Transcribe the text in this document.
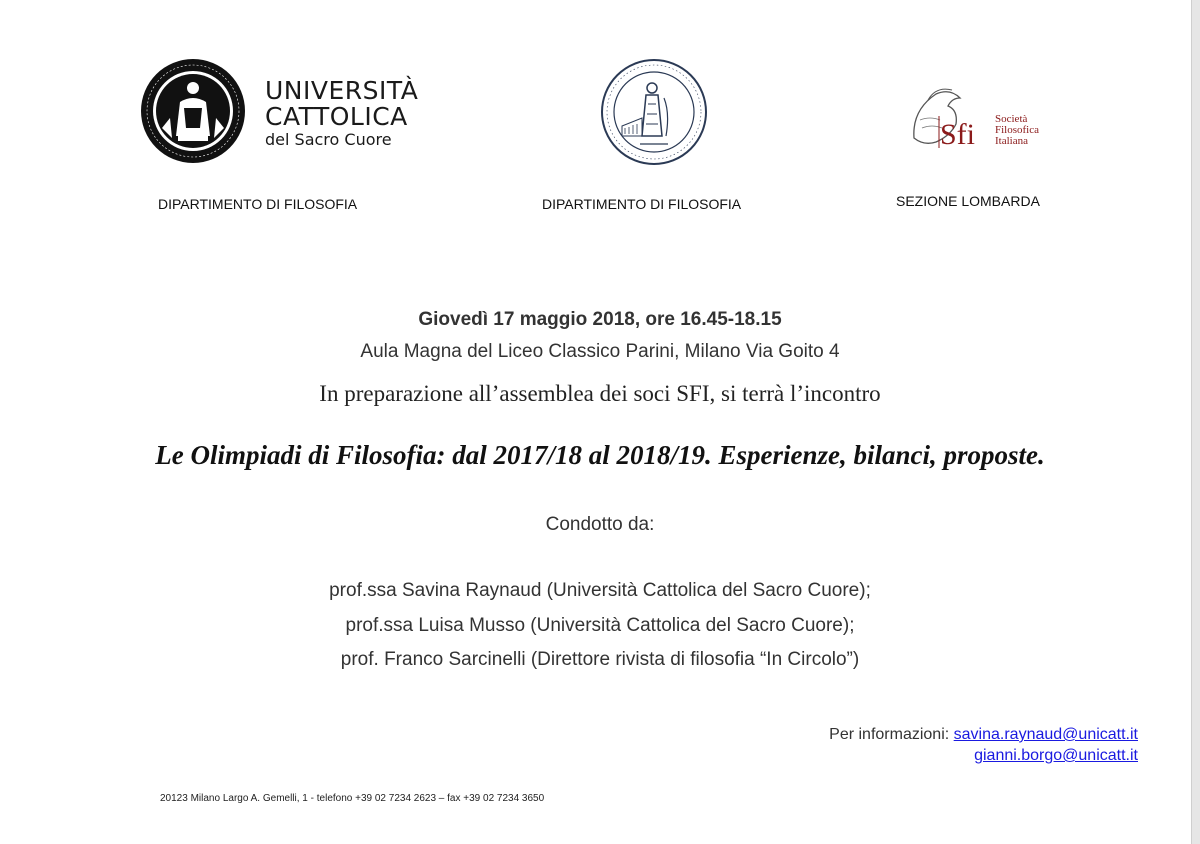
UNIVERSITÀ
CATTOLICA
del Sacro Cuore
DIPARTIMENTO DI FILOSOFIA	DIPARTIMENTO DI FILOSOFIA
Sfi Società
Filosofica
Italiana
SEZIONE LOMBARDA
Giovedì 17 maggio 2018, ore 16.45-18.15
Aula Magna del Liceo Classico Parini, Milano Via Goito 4
In preparazione all’assemblea dei soci SFI, si terrà l’incontro
Le Olimpiadi di Filosofia: dal 2017/18 al 2018/19. Esperienze, bilanci, proposte.
Condotto da:
prof.ssa Savina Raynaud (Università Cattolica del Sacro Cuore);
prof.ssa Luisa Musso (Università Cattolica del Sacro Cuore);
prof. Franco Sarcinelli (Direttore rivista di filosofia “In Circolo”)
Per informazioni: savina.raynaud@unicatt.it
gianni.borgo@unicatt.it
20123 Milano Largo A. Gemelli, 1 - telefono +39 02 7234 2623 – fax +39 02 7234 3650
